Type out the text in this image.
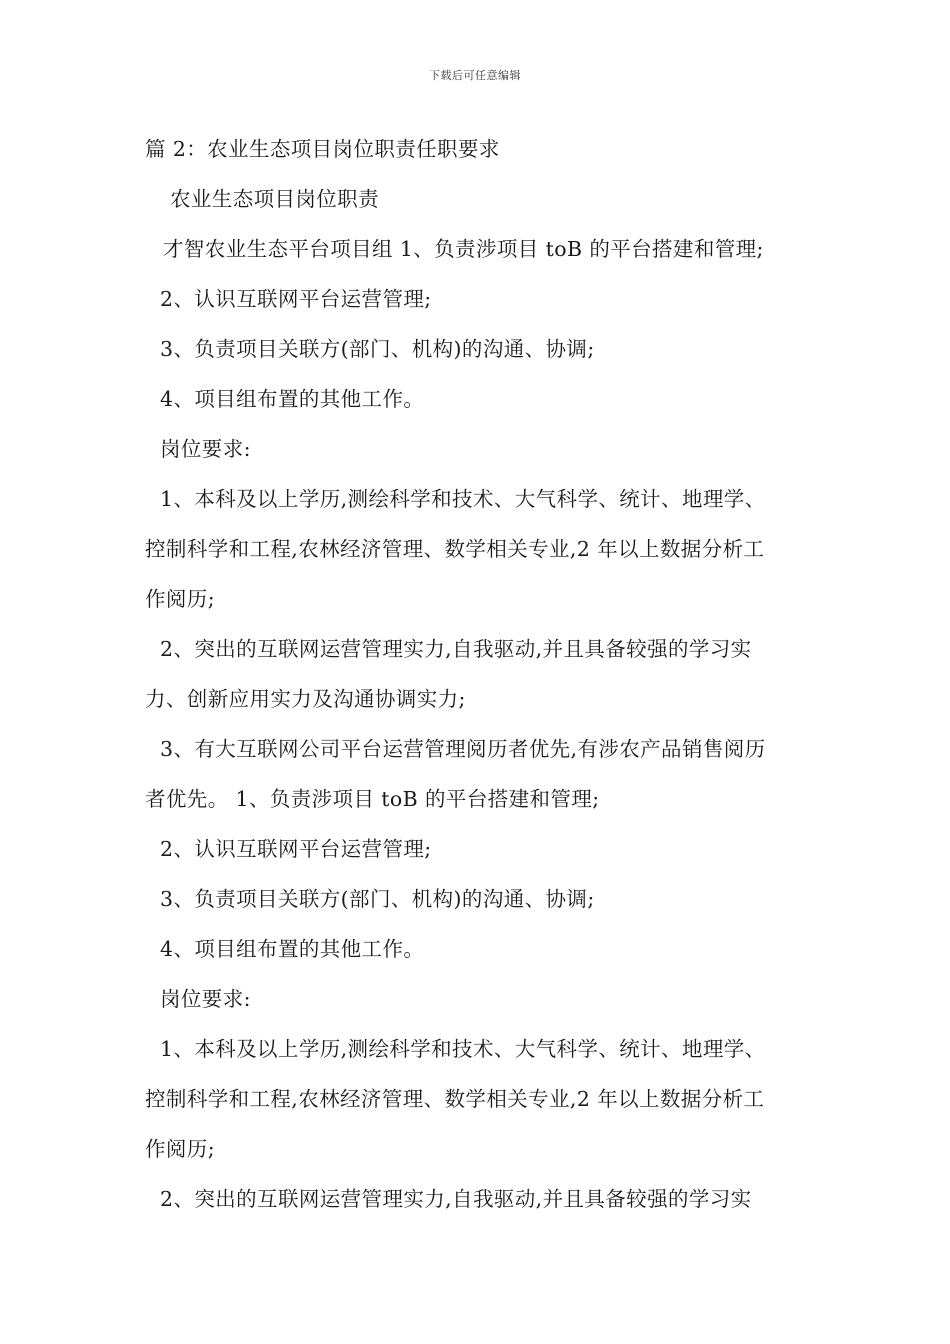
下载后可任意编辑
篇 2：农业生态项目岗位职责任职要求
农业生态项目岗位职责
才智农业生态平台项目组 1、负责涉项目 toB 的平台搭建和管理;
2、认识互联网平台运营管理;
3、负责项目关联方(部门、机构)的沟通、协调;
4、项目组布置的其他工作。
岗位要求:
1、本科及以上学历,测绘科学和技术、大气科学、统计、地理学、
控制科学和工程,农林经济管理、数学相关专业,2 年以上数据分析工
作阅历;
2、突出的互联网运营管理实力,自我驱动,并且具备较强的学习实
力、创新应用实力及沟通协调实力;
3、有大互联网公司平台运营管理阅历者优先,有涉农产品销售阅历
者优先。 1、负责涉项目 toB 的平台搭建和管理;
2、认识互联网平台运营管理;
3、负责项目关联方(部门、机构)的沟通、协调;
4、项目组布置的其他工作。
岗位要求:
1、本科及以上学历,测绘科学和技术、大气科学、统计、地理学、
控制科学和工程,农林经济管理、数学相关专业,2 年以上数据分析工
作阅历;
2、突出的互联网运营管理实力,自我驱动,并且具备较强的学习实
